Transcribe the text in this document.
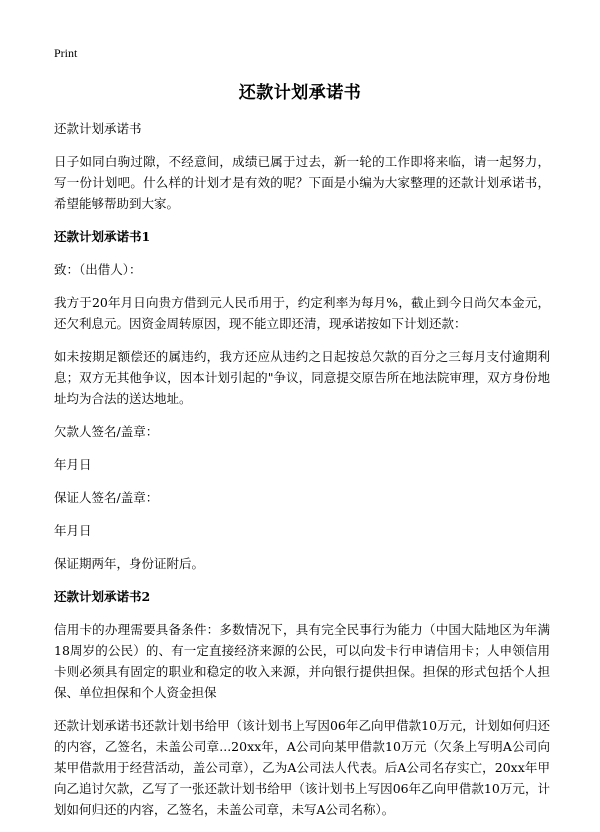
Print
还款计划承诺书

还款计划承诺书

日子如同白驹过隙，不经意间，成绩已属于过去，新一轮的工作即将来临，请一起努力，写一份计划吧。什么样的计划才是有效的呢？下面是小编为大家整理的还款计划承诺书，希望能够帮助到大家。

还款计划承诺书1

致：（出借人）：

我方于20年月日向贵方借到元人民币用于，约定利率为每月%，截止到今日尚欠本金元，还欠利息元。因资金周转原因，现不能立即还清，现承诺按如下计划还款：

如未按期足额偿还的属违约，我方还应从违约之日起按总欠款的百分之三每月支付逾期利息；双方无其他争议，因本计划引起的"争议，同意提交原告所在地法院审理，双方身份地址均为合法的送达地址。

欠款人签名/盖章：

年月日

保证人签名/盖章：

年月日

保证期两年，身份证附后。

还款计划承诺书2

信用卡的办理需要具备条件：多数情况下，具有完全民事行为能力（中国大陆地区为年满18周岁的公民）的、有一定直接经济来源的公民，可以向发卡行申请信用卡；人申领信用卡则必须具有固定的职业和稳定的收入来源，并向银行提供担保。担保的形式包括个人担保、单位担保和个人资金担保

还款计划承诺书还款计划书给甲（该计划书上写因06年乙向甲借款10万元，计划如何归还的内容，乙签名，未盖公司章...20xx年，A公司向某甲借款10万元（欠条上写明A公司向某甲借款用于经营活动，盖公司章），乙为A公司法人代表。后A公司名存实亡，20xx年甲向乙追讨欠款，乙写了一张还款计划书给甲（该计划书上写因06年乙向甲借款10万元，计划如何归还的内容，乙签名，未盖公司章，未写A公司名称）。
